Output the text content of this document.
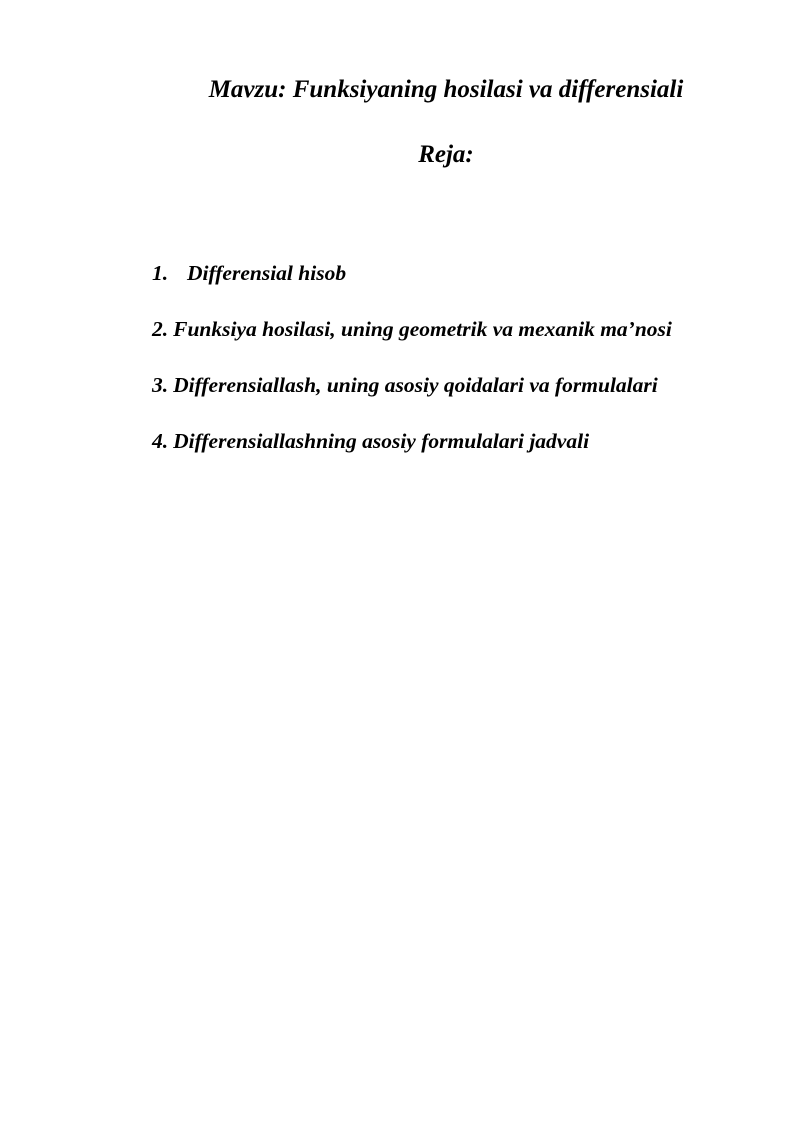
Mavzu: Funksiyaning hosilasi va differensiali
Reja:
1. Differensial hisob
2. Funksiya hosilasi, uning geometrik va mexanik ma’nosi
3. Differensiallash, uning asosiy qoidalari va formulalari
4. Differensiallashning asosiy formulalari jadvali
